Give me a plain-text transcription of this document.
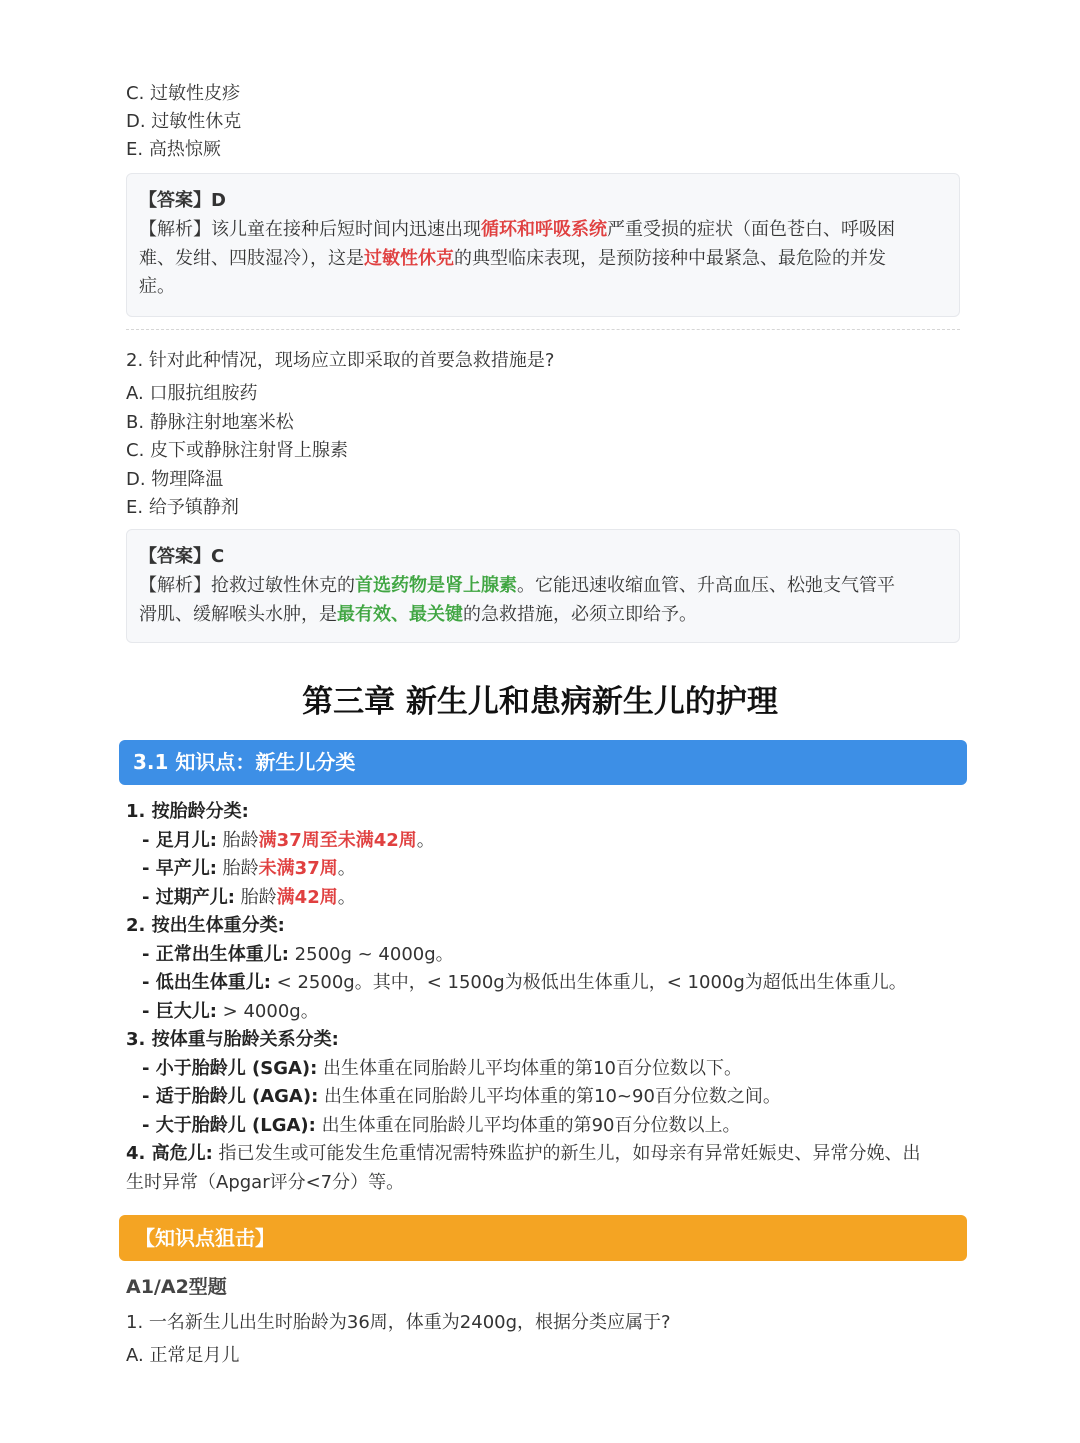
C. 过敏性皮疹
D. 过敏性休克
E. 高热惊厥
【答案】D
【解析】该儿童在接种后短时间内迅速出现循环和呼吸系统严重受损的症状（面色苍白、呼吸困
难、发绀、四肢湿冷），这是过敏性休克的典型临床表现，是预防接种中最紧急、最危险的并发
症。
2. 针对此种情况，现场应立即采取的首要急救措施是?
A. 口服抗组胺药
B. 静脉注射地塞米松
C. 皮下或静脉注射肾上腺素
D. 物理降温
E. 给予镇静剂
【答案】C
【解析】抢救过敏性休克的首选药物是肾上腺素。它能迅速收缩血管、升高血压、松弛支气管平
滑肌、缓解喉头水肿，是最有效、最关键的急救措施，必须立即给予。
第三章 新生儿和患病新生儿的护理
3.1 知识点：新生儿分类
1. 按胎龄分类:
- 足月儿: 胎龄满37周至未满42周。
- 早产儿: 胎龄未满37周。
- 过期产儿: 胎龄满42周。
2. 按出生体重分类:
- 正常出生体重儿: 2500g ~ 4000g。
- 低出生体重儿: < 2500g。其中，< 1500g为极低出生体重儿，< 1000g为超低出生体重儿。
- 巨大儿: > 4000g。
3. 按体重与胎龄关系分类:
- 小于胎龄儿 (SGA): 出生体重在同胎龄儿平均体重的第10百分位数以下。
- 适于胎龄儿 (AGA): 出生体重在同胎龄儿平均体重的第10~90百分位数之间。
- 大于胎龄儿 (LGA): 出生体重在同胎龄儿平均体重的第90百分位数以上。
4. 高危儿: 指已发生或可能发生危重情况需特殊监护的新生儿，如母亲有异常妊娠史、异常分娩、出
生时异常（Apgar评分<7分）等。
【知识点狙击】
A1/A2型题
1. 一名新生儿出生时胎龄为36周，体重为2400g，根据分类应属于?
A. 正常足月儿
